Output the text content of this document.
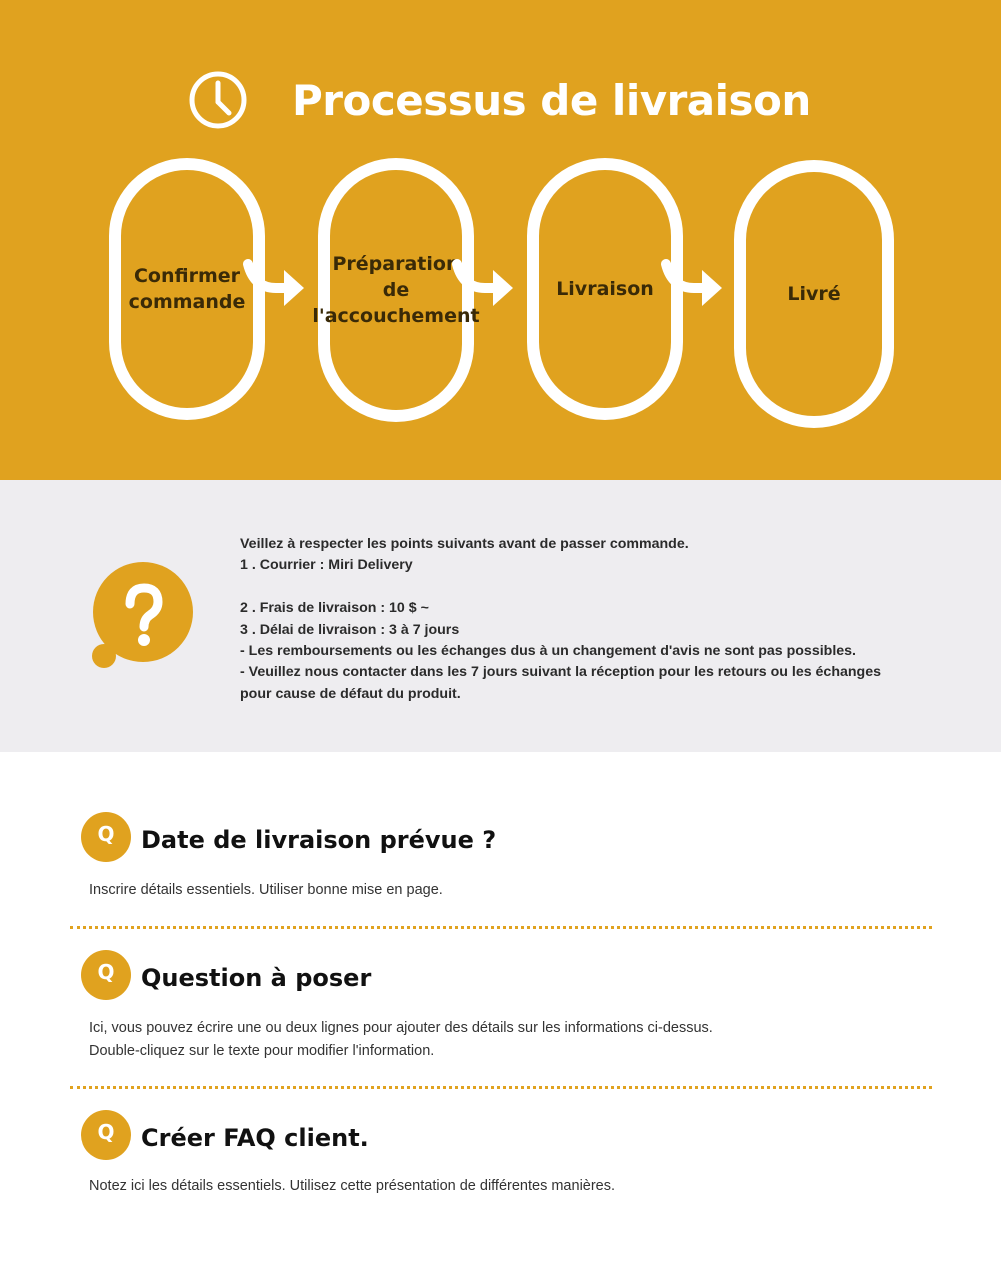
Processus de livraison
Confirmer
commande
Préparation
de
l'accouchement
Livraison	Livré
Veillez à respecter les points suivants avant de passer commande.
1 . Courrier : Miri Delivery
2 . Frais de livraison : 10 $ ~
3 . Délai de livraison : 3 à 7 jours
- Les remboursements ou les échanges dus à un changement d'avis ne sont pas possibles.
- Veuillez nous contacter dans les 7 jours suivant la réception pour les retours ou les échanges
pour cause de défaut du produit.
Q	Date de livraison prévue ?
Inscrire détails essentiels. Utiliser bonne mise en page.
Q	Question à poser
Ici, vous pouvez écrire une ou deux lignes pour ajouter des détails sur les informations ci-dessus.
Double-cliquez sur le texte pour modifier l'information.
Q	Créer FAQ client.
Notez ici les détails essentiels. Utilisez cette présentation de différentes manières.
